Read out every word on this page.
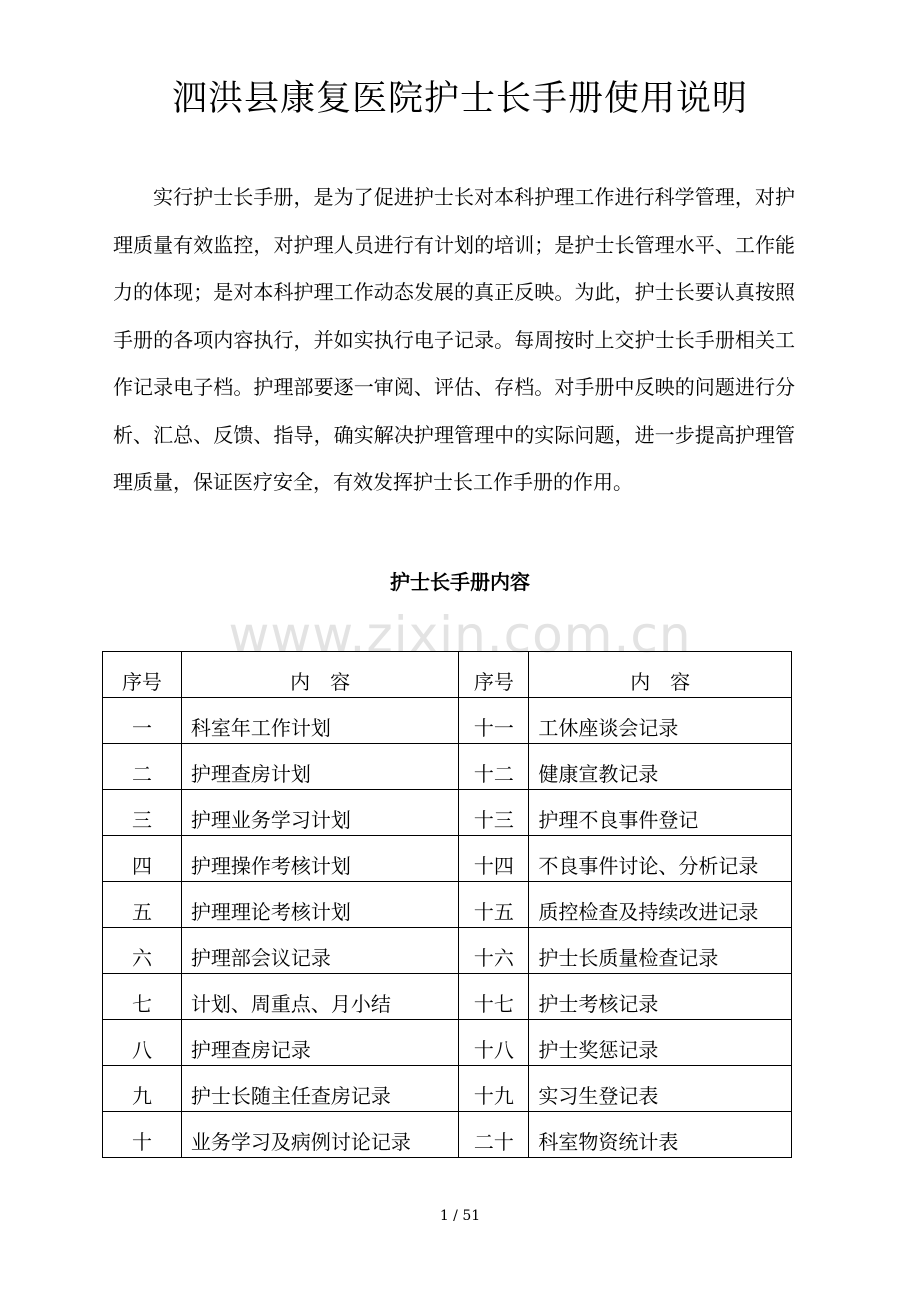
泗洪县康复医院护士长手册使用说明

实行护士长手册，是为了促进护士长对本科护理工作进行科学管理，对护理质量有效监控，对护理人员进行有计划的培训；是护士长管理水平、工作能力的体现；是对本科护理工作动态发展的真正反映。为此，护士长要认真按照手册的各项内容执行，并如实执行电子记录。每周按时上交护士长手册相关工作记录电子档。护理部要逐一审阅、评估、存档。对手册中反映的问题进行分析、汇总、反馈、指导，确实解决护理管理中的实际问题，进一步提高护理管理质量，保证医疗安全，有效发挥护士长工作手册的作用。

护士长手册内容
www.zixin.com.cn
序号	内　容	序号	内　容
一	科室年工作计划	十一	工休座谈会记录
二	护理查房计划	十二	健康宣教记录
三	护理业务学习计划	十三	护理不良事件登记
四	护理操作考核计划	十四	不良事件讨论、分析记录
五	护理理论考核计划	十五	质控检查及持续改进记录
六	护理部会议记录	十六	护士长质量检查记录
七	计划、周重点、月小结	十七	护士考核记录
八	护理查房记录	十八	护士奖惩记录
九	护士长随主任查房记录	十九	实习生登记表
十	业务学习及病例讨论记录	二十	科室物资统计表
1 / 51
